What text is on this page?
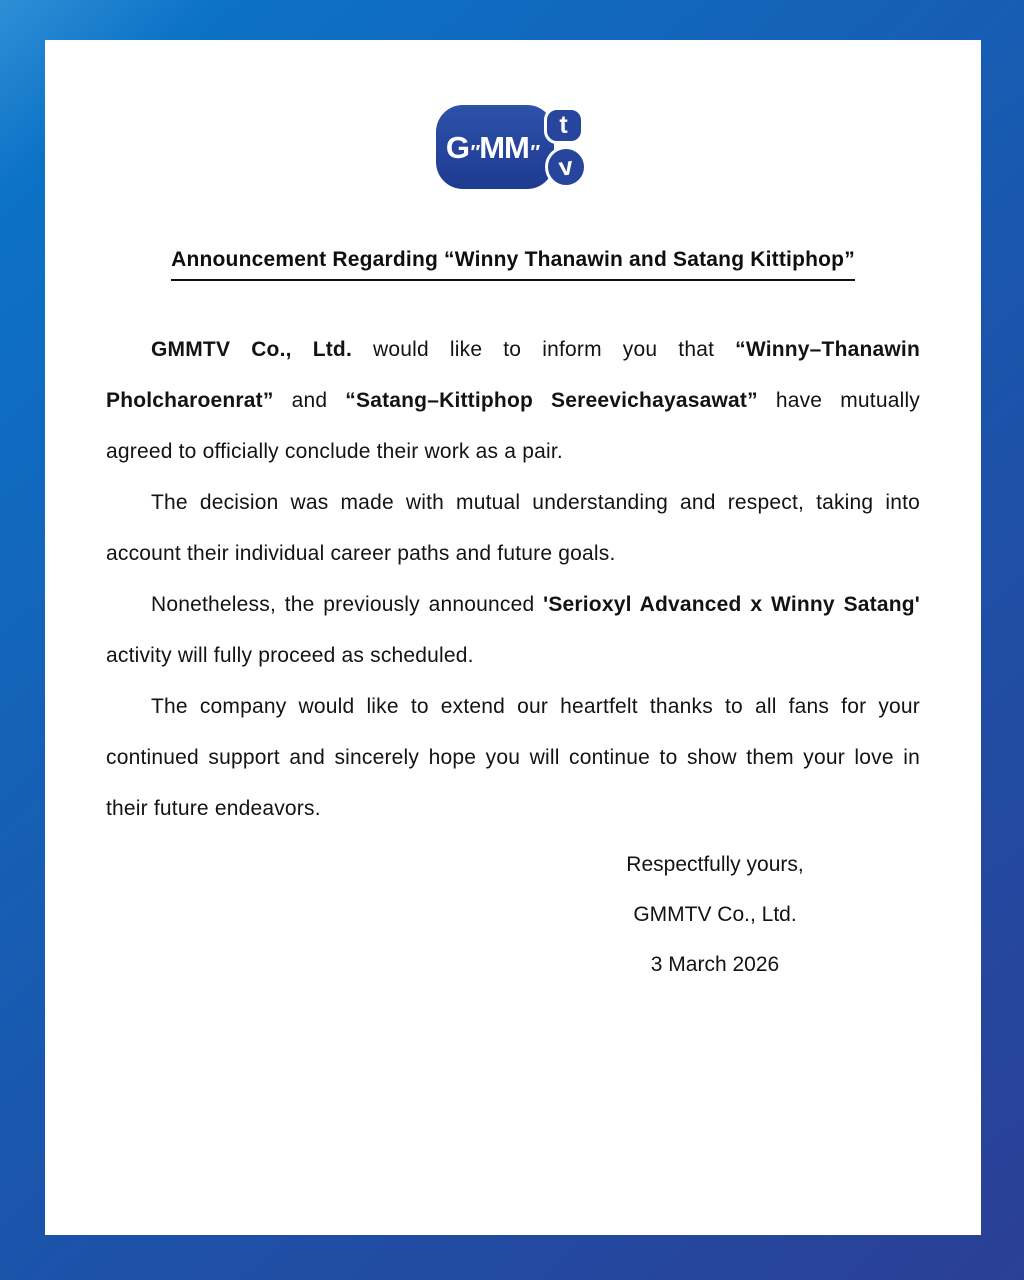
G″MM″
t
v
Announcement Regarding “Winny Thanawin and Satang Kittiphop”

GMMTV Co., Ltd. would like to inform you that “Winny–Thanawin Pholcharoenrat” and “Satang–Kittiphop Sereevichayasawat” have mutually agreed to officially conclude their work as a pair.

The decision was made with mutual understanding and respect, taking into account their individual career paths and future goals.

Nonetheless, the previously announced 'Serioxyl Advanced x Winny Satang' activity will fully proceed as scheduled.

The company would like to extend our heartfelt thanks to all fans for your continued support and sincerely hope you will continue to show them your love in their future endeavors.

Respectfully yours,

GMMTV Co., Ltd.

3 March 2026
